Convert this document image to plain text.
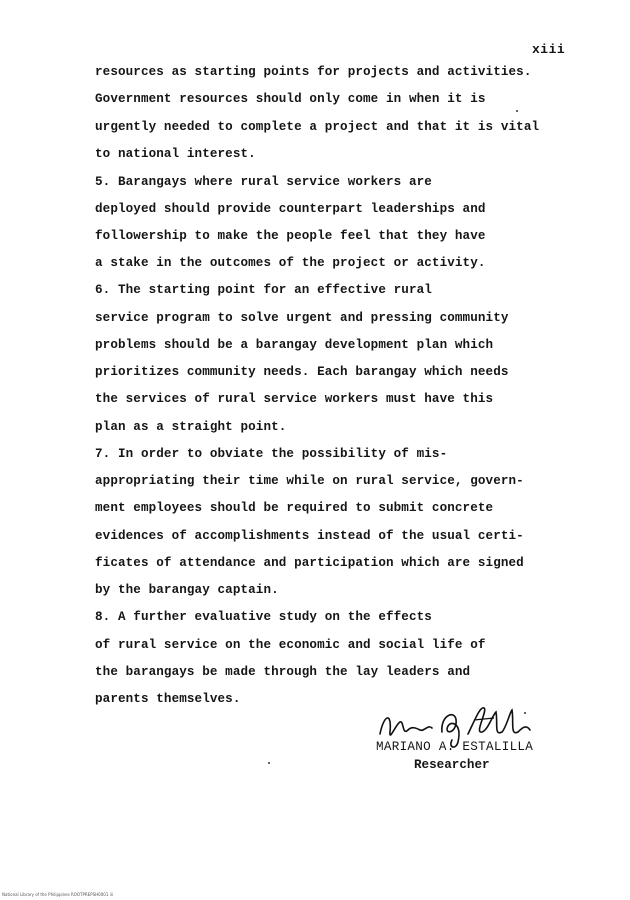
xiii
resources as starting points for projects and activities.
Government resources should only come in when it is
urgently needed to complete a project and that it is vital
to national interest.
5. Barangays where rural service workers are
deployed should provide counterpart leaderships and
followership to make the people feel that they have
a stake in the outcomes of the project or activity.
6. The starting point for an effective rural
service program to solve urgent and pressing community
problems should be a barangay development plan which
prioritizes community needs. Each barangay which needs
the services of rural service workers must have this
plan as a straight point.
7. In order to obviate the possibility of mis-
appropriating their time while on rural service, govern-
ment employees should be required to submit concrete
evidences of accomplishments instead of the usual certi-
ficates of attendance and participation which are signed
by the barangay captain.
8. A further evaluative study on the effects
of rural service on the economic and social life of
the barangays be made through the lay leaders and
parents themselves.
MARIANO A. ESTALILLA
Researcher
National Library of the Philippines ROOTPREPSH0001 iii
